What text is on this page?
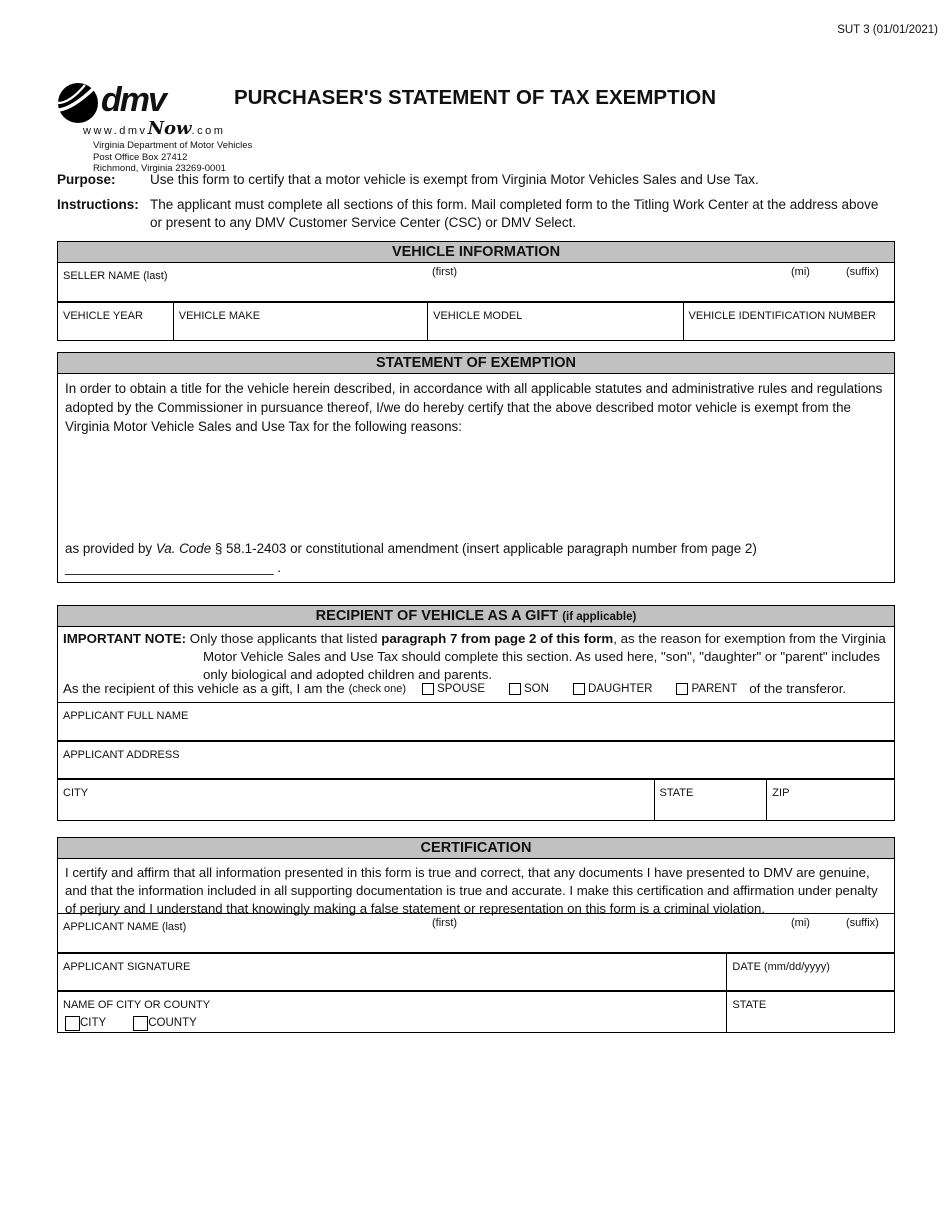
SUT 3 (01/01/2021)
dmv
www.dmvNow.com
Virginia Department of Motor Vehicles
Post Office Box 27412
Richmond, Virginia 23269-0001
PURCHASER'S STATEMENT OF TAX EXEMPTION
Purpose:	Use this form to certify that a motor vehicle is exempt from Virginia Motor Vehicles Sales and Use Tax.
Instructions: The applicant must complete all sections of this form. Mail completed form to the Titling Work Center at the address above or present to any DMV Customer Service Center (CSC) or DMV Select.
VEHICLE INFORMATION
SELLER NAME (last)	(first)	(mi)	(suffix)
VEHICLE YEAR	VEHICLE MAKE	VEHICLE MODEL	VEHICLE IDENTIFICATION NUMBER
STATEMENT OF EXEMPTION
In order to obtain a title for the vehicle herein described, in accordance with all applicable statutes and administrative rules and regulations adopted by the Commissioner in pursuance thereof, I/we do hereby certify that the above described motor vehicle is exempt from the Virginia Motor Vehicle Sales and Use Tax for the following reasons:
as provided by Va. Code § 58.1-2403 or constitutional amendment (insert applicable paragraph number from page 2)
____________________________ .
RECIPIENT OF VEHICLE AS A GIFT (if applicable)
IMPORTANT NOTE: Only those applicants that listed paragraph 7 from page 2 of this form, as the reason for exemption from the Virginia Motor Vehicle Sales and Use Tax should complete this section. As used here, "son", "daughter" or "parent" includes only biological and adopted children and parents.
As the recipient of this vehicle as a gift, I am the (check one)	SPOUSE	SON	DAUGHTER	PARENT of the transferor.
APPLICANT FULL NAME
APPLICANT ADDRESS
CITY	STATE	ZIP
CERTIFICATION
I certify and affirm that all information presented in this form is true and correct, that any documents I have presented to DMV are genuine, and that the information included in all supporting documentation is true and accurate. I make this certification and affirmation under penalty of perjury and I understand that knowingly making a false statement or representation on this form is a criminal violation.
APPLICANT NAME (last)	(first)	(mi)	(suffix)
APPLICANT SIGNATURE	DATE (mm/dd/yyyy)
NAME OF CITY OR COUNTY
CITY	COUNTY
STATE
